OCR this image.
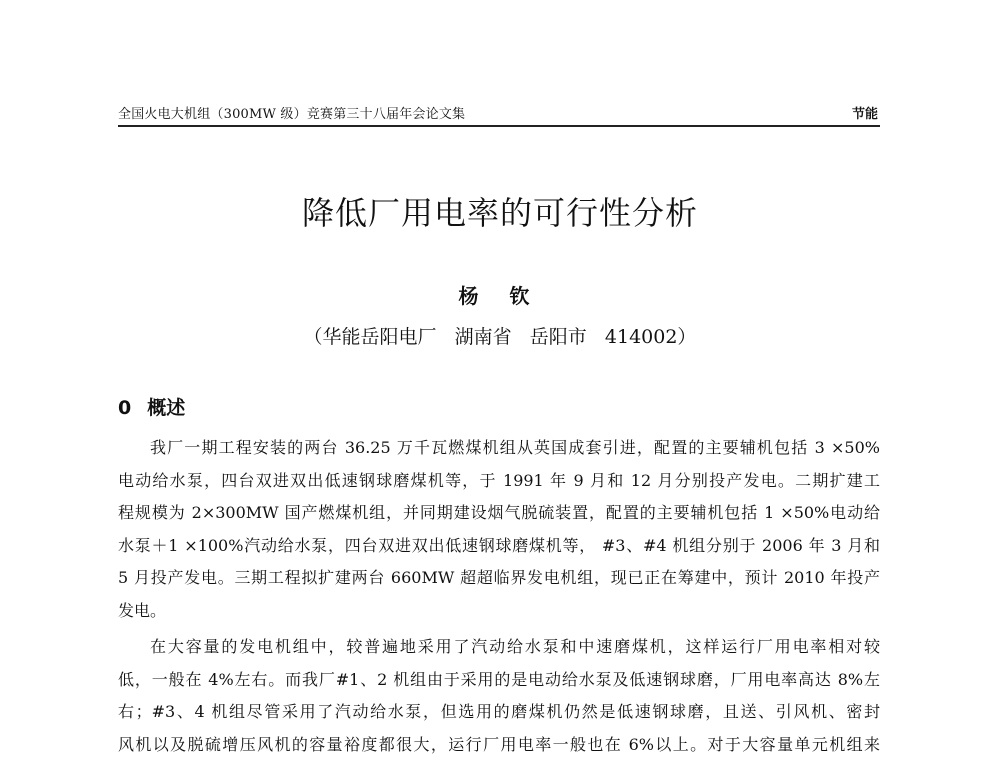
全国火电大机组（300MW 级）竞赛第三十八届年会论文集	节能
降低厂用电率的可行性分析
杨 钦
（华能岳阳电厂   湖南省   岳阳市   414002）
0 概述
我厂一期工程安装的两台 36.25 万千瓦燃煤机组从英国成套引进，配置的主要辅机包括 3 ×50%
电动给水泵，四台双进双出低速钢球磨煤机等，于 1991 年 9 月和 12 月分别投产发电。二期扩建工
程规模为 2×300MW 国产燃煤机组，并同期建设烟气脱硫装置，配置的主要辅机包括 1 ×50%电动给
水泵＋1 ×100%汽动给水泵，四台双进双出低速钢球磨煤机等， #3、#4 机组分别于 2006 年 3 月和
5 月投产发电。三期工程拟扩建两台 660MW 超超临界发电机组，现已正在筹建中，预计 2010 年投产
发电。
在大容量的发电机组中，较普遍地采用了汽动给水泵和中速磨煤机，这样运行厂用电率相对较
低，一般在 4%左右。而我厂#1、2 机组由于采用的是电动给水泵及低速钢球磨，厂用电率高达 8%左
右；#3、4 机组尽管采用了汽动给水泵，但选用的磨煤机仍然是低速钢球磨，且送、引风机、密封
风机以及脱硫增压风机的容量裕度都很大，运行厂用电率一般也在 6%以上。对于大容量单元机组来
